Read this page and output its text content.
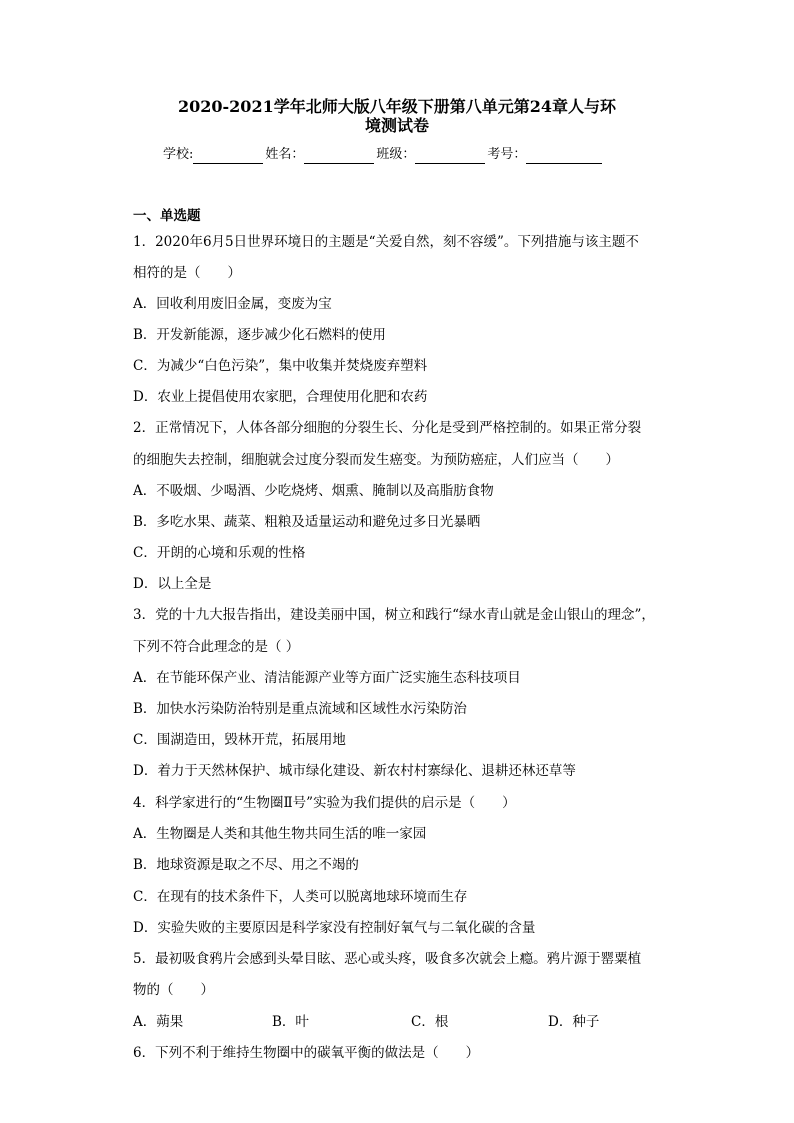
2020-2021学年北师大版八年级下册第八单元第24章人与环
境测试卷
学校:	姓名：	班级：	考号：
一、单选题
1．2020年6月5日世界环境日的主题是“关爱自然，刻不容缓”。下列措施与该主题不
相符的是（　　）
A．回收利用废旧金属，变废为宝
B．开发新能源，逐步减少化石燃料的使用
C．为减少“白色污染”，集中收集并焚烧废弃塑料
D．农业上提倡使用农家肥，合理使用化肥和农药
2．正常情况下，人体各部分细胞的分裂生长、分化是受到严格控制的。如果正常分裂
的细胞失去控制，细胞就会过度分裂而发生癌变。为预防癌症，人们应当（　　）
A．不吸烟、少喝酒、少吃烧烤、烟熏、腌制以及高脂肪食物
B．多吃水果、蔬菜、粗粮及适量运动和避免过多日光暴晒
C．开朗的心境和乐观的性格
D．以上全是
3．党的十九大报告指出，建设美丽中国，树立和践行“绿水青山就是金山银山的理念”，
下列不符合此理念的是（ ）
A．在节能环保产业、清洁能源产业等方面广泛实施生态科技项目
B．加快水污染防治特别是重点流域和区域性水污染防治
C．围湖造田，毁林开荒，拓展用地
D．着力于天然林保护、城市绿化建设、新农村村寨绿化、退耕还林还草等
4．科学家进行的“生物圈Ⅱ号”实验为我们提供的启示是（　　）
A．生物圈是人类和其他生物共同生活的唯一家园
B．地球资源是取之不尽、用之不竭的
C．在现有的技术条件下，人类可以脱离地球环境而生存
D．实验失败的主要原因是科学家没有控制好氧气与二氧化碳的含量
5．最初吸食鸦片会感到头晕目眩、恶心或头疼，吸食多次就会上瘾。鸦片源于罂粟植
物的（　　）
A．蒴果	B．叶	C．根	D．种子
6．下列不利于维持生物圈中的碳氧平衡的做法是（　　）
